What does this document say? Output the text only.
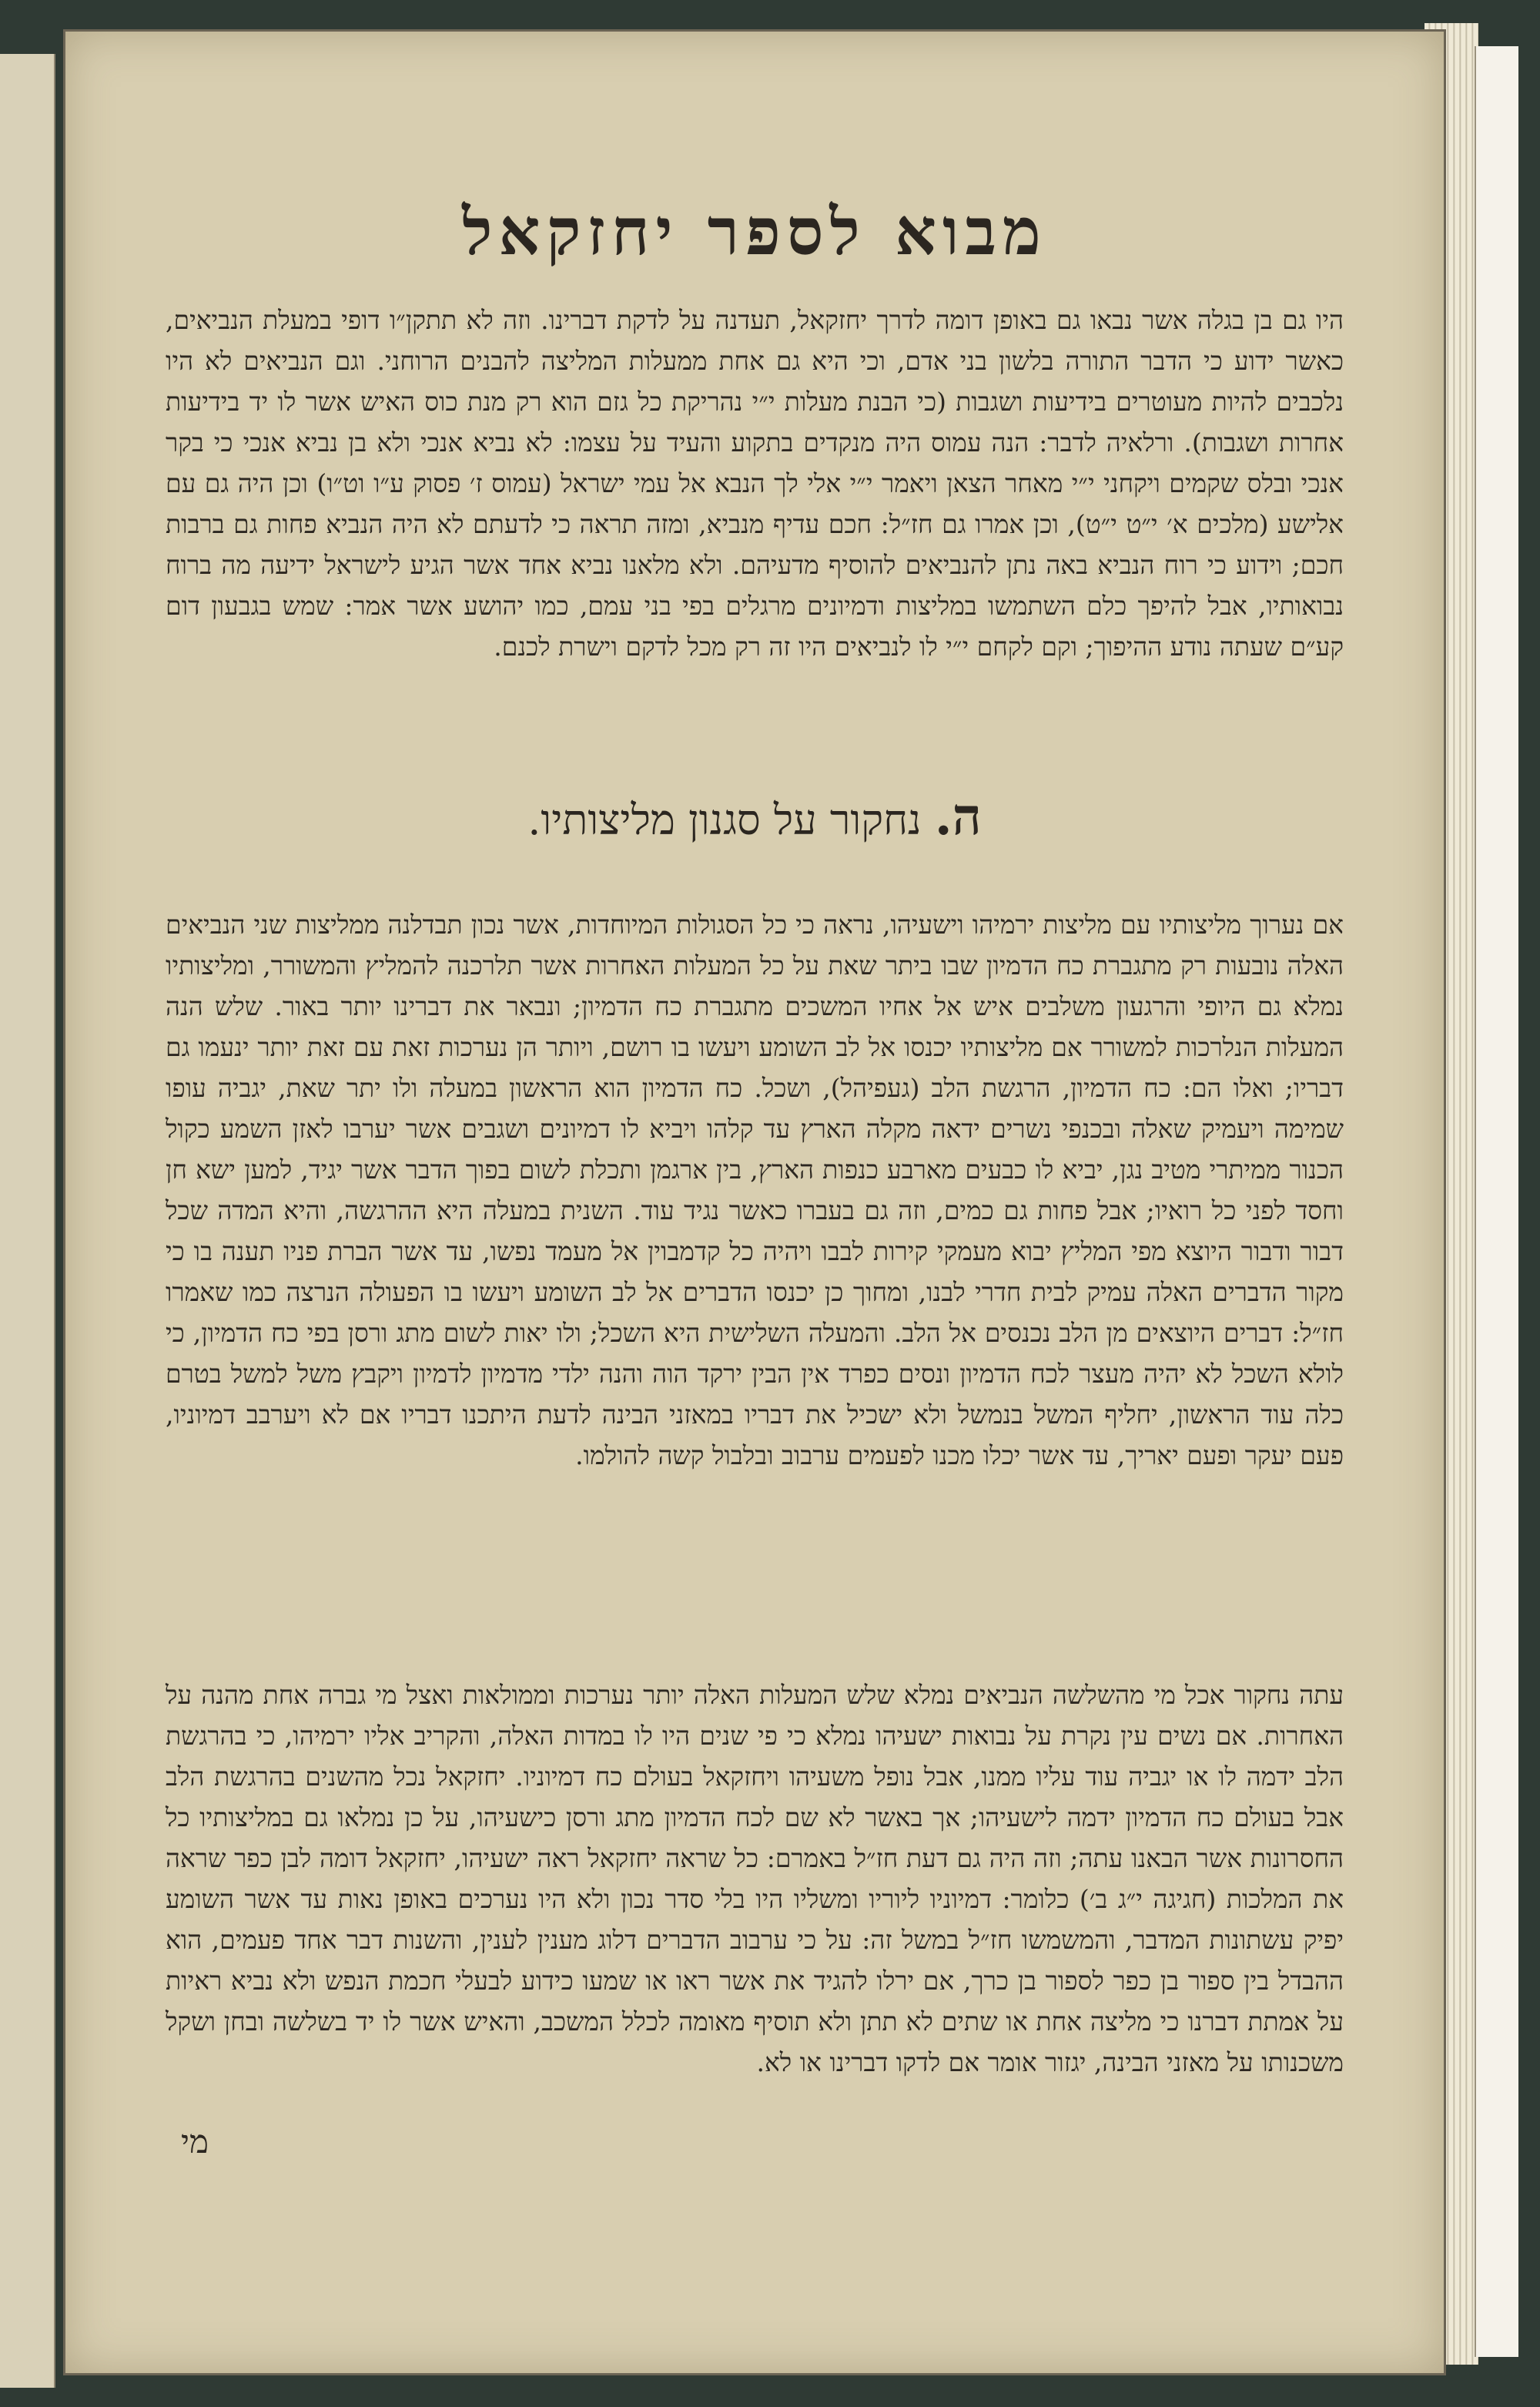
מבוא לספר יחזקאל

היו גם בן בגלה אשר נבאו גם באופן דומה לדרך יחזקאל, תעדנה על לדקת דברינו. וזה לא תתקן״ו דופי במעלת הנביאים, כאשר ידוע כי הדבר התורה בלשון בני אדם, וכי היא גם אחת ממעלות המליצה להבנים הרוחני. וגם הנביאים לא היו נלכבים להיות מעוטרים בידיעות ושגבות (כי הבנת מעלות י״י נהריקת כל גזם הוא רק מנת כוס האיש אשר לו יד בידיעות אחרות ושגבות). ורלאיה לדבר: הנה עמוס היה מנקדים בתקוע והעיד על עצמו: לא נביא אנכי ולא בן נביא אנכי כי בקר אנכי ובלס שקמים ויקחני י״י מאחר הצאן ויאמר י״י אלי לך הנבא אל עמי ישראל (עמוס ז׳ פסוק ע״ו וט״ו) וכן היה גם עם אלישע (מלכים א׳ י״ט י״ט), וכן אמרו גם חז״ל: חכם עדיף מנביא, ומזה תראה כי לדעתם לא היה הנביא פחות גם ברבות חכם; וידוע כי רוח הנביא באה נתן להנביאים להוסיף מדעיהם. ולא מלאנו נביא אחד אשר הגיע לישראל ידיעה מה ברוח נבואותיו, אבל להיפך כלם השתמשו במליצות ודמיונים מרגלים בפי בני עמם, כמו יהושע אשר אמר: שמש בגבעון דום קע״ם שעתה נודע ההיפוך; וקם לקחם י״י לו לנביאים היו זה רק מכל לדקם וישרת לכנם.

ה. נחקור על סגנון מליצותיו.

אם נערוך מליצותיו עם מליצות ירמיהו וישעיהו, נראה כי כל הסגולות המיוחדות, אשר נכון תבדלנה ממליצות שני הנביאים האלה נובעות רק מתגברת כח הדמיון שבו ביתר שאת על כל המעלות האחרות אשר תלרכנה להמליץ והמשורר, ומליצותיו נמלא גם היופי והרגעון משלבים איש אל אחיו המשכים מתגברת כח הדמיון; ונבאר את דברינו יותר באור. שלש הנה המעלות הנלרכות למשורר אם מליצותיו יכנסו אל לב השומע ויעשו בו רושם, ויותר הן נערכות זאת עם זאת יותר ינעמו גם דבריו; ואלו הם: כח הדמיון, הרגשת הלב (געפיהל), ושכל. כח הדמיון הוא הראשון במעלה ולו יתר שאת, יגביה עופו שמימה ויעמיק שאלה ובכנפי נשרים ידאה מקלה הארץ עד קלהו ויביא לו דמיונים ושגבים אשר יערבו לאזן השמע כקול הכנור ממיתרי מטיב נגן, יביא לו כבעים מארבע כנפות הארץ, בין ארגמן ותכלת לשום בפוך הדבר אשר יגיד, למען ישא חן וחסד לפני כל רואיו; אבל פחות גם כמים, וזה גם בעברו כאשר נגיד עוד. השנית במעלה היא ההרגשה, והיא המדה שכל דבור ודבור היוצא מפי המליץ יבוא מעמקי קירות לבבו ויהיה כל קדמבוין אל מעמד נפשו, עד אשר הברת פניו תענה בו כי מקור הדברים האלה עמיק לבית חדרי לבנו, ומחוך כן יכנסו הדברים אל לב השומע ויעשו בו הפעולה הנרצה כמו שאמרו חז״ל: דברים היוצאים מן הלב נכנסים אל הלב. והמעלה השלישית היא השכל; ולו יאות לשום מתג ורסן בפי כח הדמיון, כי לולא השכל לא יהיה מעצר לכח הדמיון ונסים כפרד אין הבין ירקד הוה והנה ילדי מדמיון לדמיון ויקבץ משל למשל בטרם כלה עוד הראשון, יחליף המשל בנמשל ולא ישכיל את דבריו במאזני הבינה לדעת היתכנו דבריו אם לא ויערבב דמיוניו, פעם יעקר ופעם יאריך, עד אשר יכלו מכנו לפעמים ערבוב ובלבול קשה להולמו.

עתה נחקור אכל מי מהשלשה הנביאים נמלא שלש המעלות האלה יותר נערכות וממולאות ואצל מי גברה אחת מהנה על האחרות. אם נשים עין נקרת על נבואות ישעיהו נמלא כי פי שנים היו לו במדות האלה, והקריב אליו ירמיהו, כי בהרגשת הלב ידמה לו או יגביה עוד עליו ממנו, אבל נופל משעיהו ויחזקאל בעולם כח דמיוניו. יחזקאל נכל מהשנים בהרגשת הלב אבל בעולם כח הדמיון ידמה לישעיהו; אך באשר לא שם לכח הדמיון מתג ורסן כישעיהו, על כן נמלאו גם במליצותיו כל החסרונות אשר הבאנו עתה; וזה היה גם דעת חז״ל באמרם: כל שראה יחזקאל ראה ישעיהו, יחזקאל דומה לבן כפר שראה את המלכות (חגיגה י״ג ב׳) כלומר: דמיוניו ליוריו ומשליו היו בלי סדר נכון ולא היו נערכים באופן נאות עד אשר השומע יפיק עשתונות המדבר, והמשמשו חז״ל במשל זה: על כי ערבוב הדברים דלוג מענין לענין, והשנות דבר אחד פעמים, הוא ההבדל בין ספור בן כפר לספור בן כרך, אם ירלו להגיד את אשר ראו או שמעו כידוע לבעלי חכמת הנפש ולא נביא ראיות על אמתת דברנו כי מליצה אחת או שתים לא תתן ולא תוסיף מאומה לכלל המשכב, והאיש אשר לו יד בשלשה ובחן ושקל משכנותו על מאזני הבינה, יגזור אומר אם לדקו דברינו או לא.

מי
